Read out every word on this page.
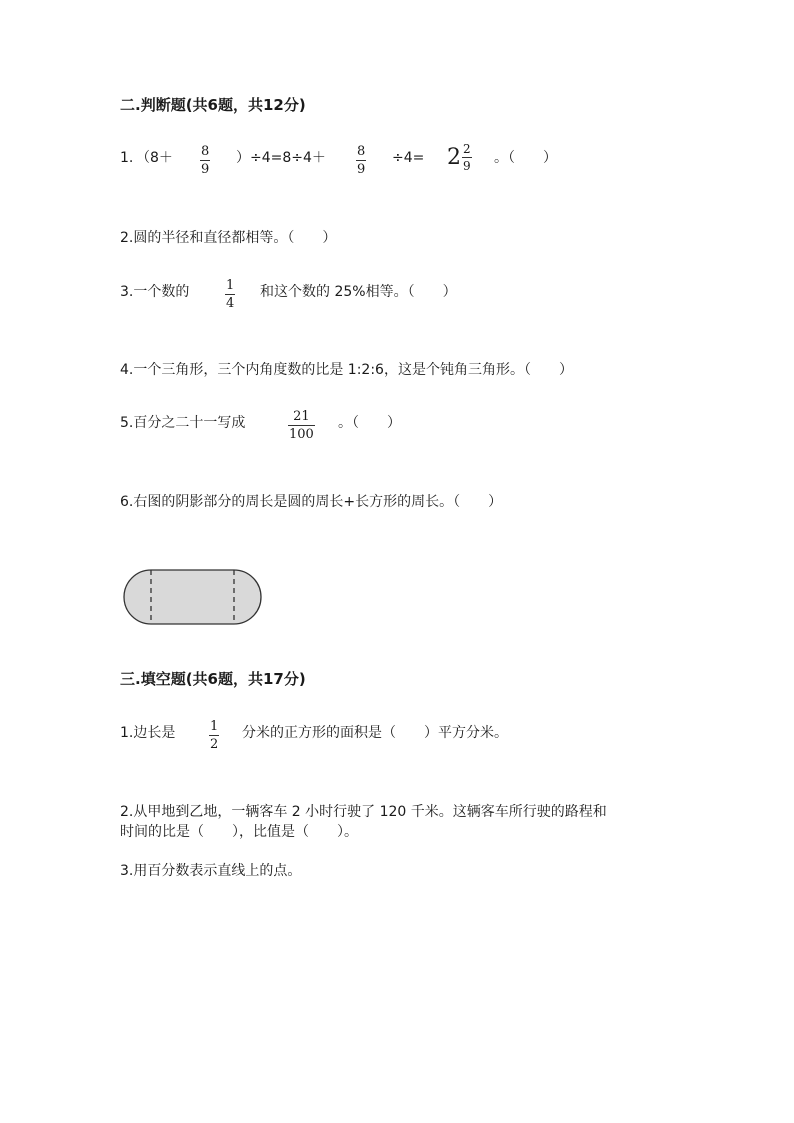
二.判断题(共6题，共12分)
1. （8＋ 8
9
）÷4=8÷4＋ 8
9
$\div 4= 2 \frac{2}{9}$ 。（　　）
2.圆的半径和直径都相等。（　　）
3.一个数的	1
4
和这个数的 25%相等。（　　）
4.一个三角形，三个内角度数的比是 1:2:6，这是个钝角三角形。（　　）
5.百分之二十一写成	21
100
。（　　）
6.右图的阴影部分的周长是圆的周长+长方形的周长。（　　）
三.填空题(共6题，共17分)
1.边长是	1
2
分米的正方形的面积是（　　）平方分米。
2.从甲地到乙地，一辆客车 2 小时行驶了 120 千米。这辆客车所行驶的路程和
时间的比是（　　），比值是（　　）。
3.用百分数表示直线上的点。
